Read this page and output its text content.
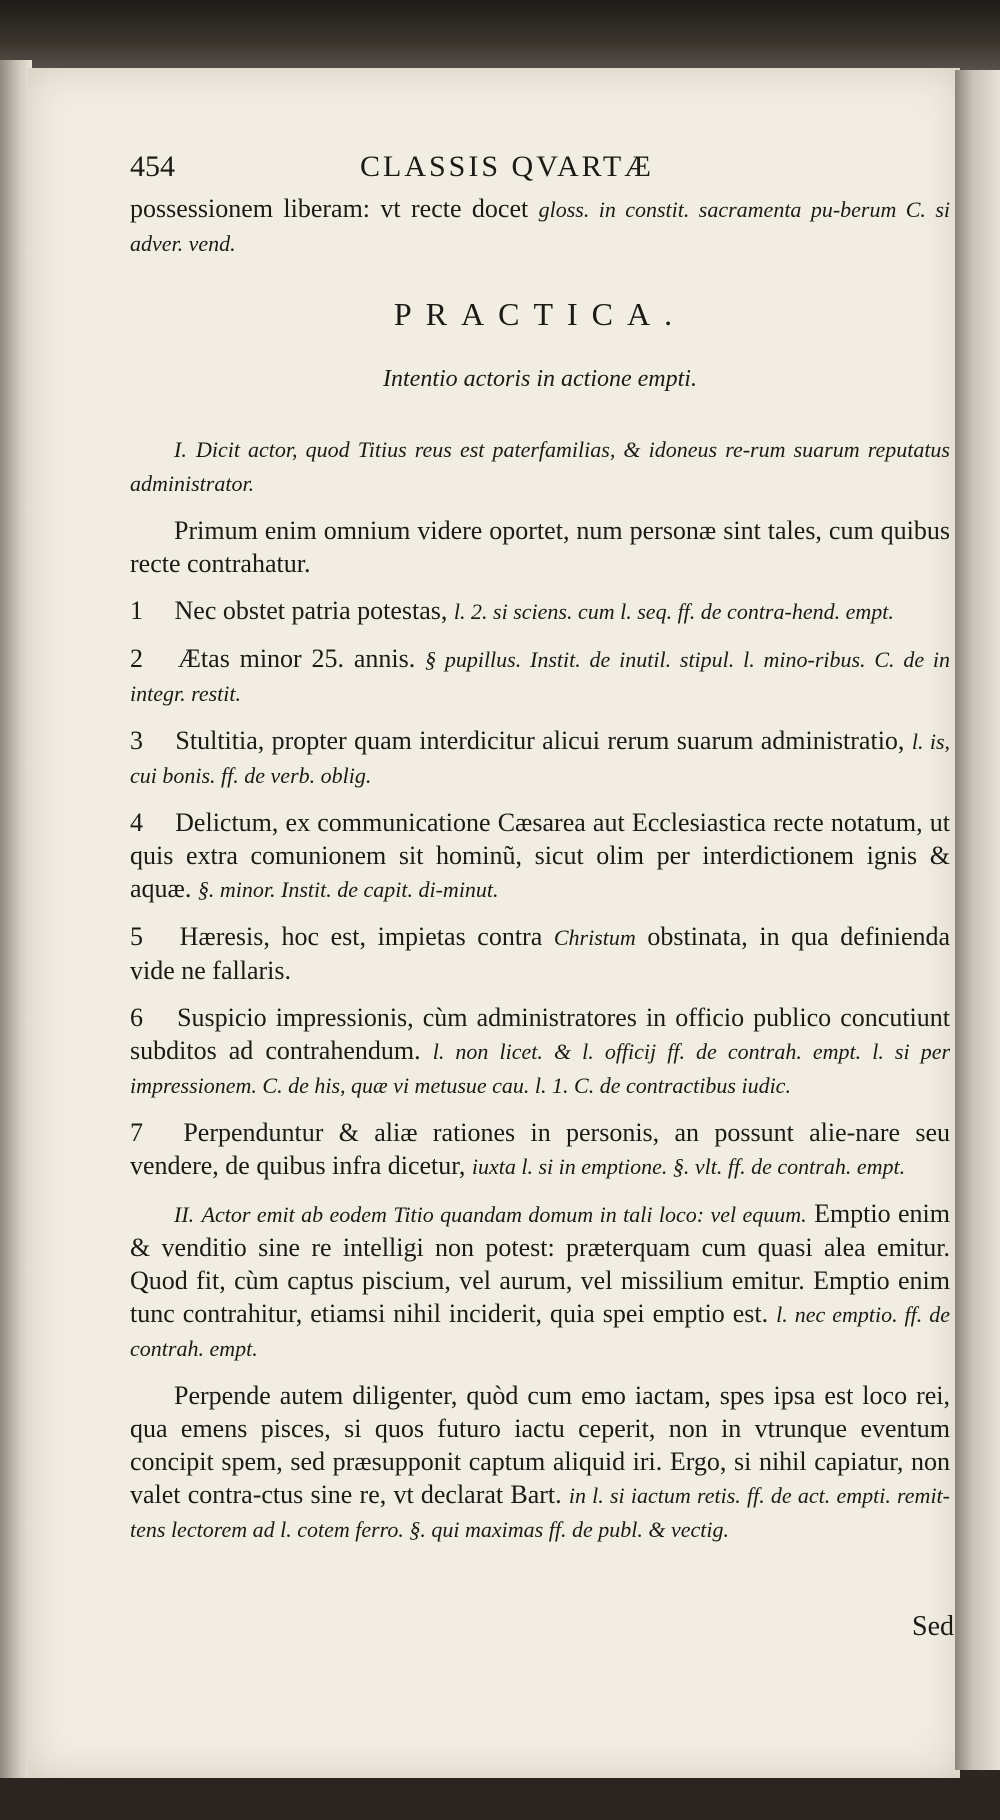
454	CLASSIS QVARTÆ

possessionem liberam: vt recte docet gloss. in constit. sacramenta pu-berum C. si adver. vend.

PRACTICA.
Intentio actoris in actione empti.

I. Dicit actor, quod Titius reus est paterfamilias, & idoneus re-rum suarum reputatus administrator.

Primum enim omnium videre oportet, num personæ sint tales, cum quibus recte contrahatur.

1 Nec obstet patria potestas, l. 2. si sciens. cum l. seq. ff. de contra-hend. empt.

2 Ætas minor 25. annis. § pupillus. Instit. de inutil. stipul. l. mino-ribus. C. de in integr. restit.

3 Stultitia, propter quam interdicitur alicui rerum suarum administratio, l. is, cui bonis. ff. de verb. oblig.

4 Delictum, ex communicatione Cæsarea aut Ecclesiastica recte notatum, ut quis extra comunionem sit hominũ, sicut olim per interdictionem ignis & aquæ. §. minor. Instit. de capit. di-minut.

5 Hæresis, hoc est, impietas contra Christum obstinata, in qua definienda vide ne fallaris.

6 Suspicio impressionis, cùm administratores in officio publico concutiunt subditos ad contrahendum. l. non licet. & l. officij ff. de contrah. empt. l. si per impressionem. C. de his, quæ vi metusue cau. l. 1. C. de contractibus iudic.

7 Perpenduntur & aliæ rationes in personis, an possunt alie-nare seu vendere, de quibus infra dicetur, iuxta l. si in emptione. §. vlt. ff. de contrah. empt.

II. Actor emit ab eodem Titio quandam domum in tali loco: vel equum. Emptio enim & venditio sine re intelligi non potest: præterquam cum quasi alea emitur. Quod fit, cùm captus piscium, vel aurum, vel missilium emitur. Emptio enim tunc contrahitur, etiamsi nihil inciderit, quia spei emptio est. l. nec emptio. ff. de contrah. empt.

Perpende autem diligenter, quòd cum emo iactam, spes ipsa est loco rei, qua emens pisces, si quos futuro iactu ceperit, non in vtrunque eventum concipit spem, sed præsupponit captum aliquid iri. Ergo, si nihil capiatur, non valet contra-ctus sine re, vt declarat Bart. in l. si iactum retis. ff. de act. empti. remit-tens lectorem ad l. cotem ferro. §. qui maximas ff. de publ. & vectig.

Sed
